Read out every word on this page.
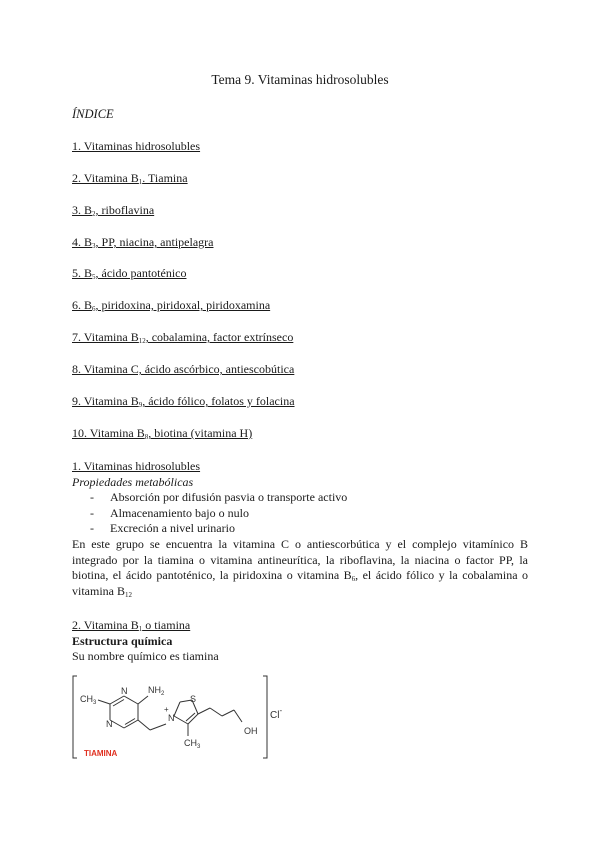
Tema 9. Vitaminas hidrosolubles
ÍNDICE
1. Vitaminas hidrosolubles
2. Vitamina $B_1$. Tiamina
3. $B_2$, riboflavina
4. $B_3$, PP, niacina, antipelagra
5. $B_5$, ácido pantoténico
6. $B_6$, piridoxina, piridoxal, piridoxamina
7. Vitamina $B_{12}$, cobalamina, factor extrínseco
8. Vitamina C, ácido ascórbico, antiescobútica
9. Vitamina $B_9$, ácido fólico, folatos y folacina
10. Vitamina $B_8$, biotina (vitamina H)
1. Vitaminas hidrosolubles
Propiedades metabólicas
- Absorción por difusión pasvia o transporte activo
- Almacenamiento bajo o nulo
- Excreción a nivel urinario
En este grupo se encuentra la vitamina C o antiescorbútica y el complejo vitamínico B integrado por la tiamina o vitamina antineurítica, la riboflavina, la niacina o factor PP, la biotina, el ácido pantoténico, la piridoxina o vitamina $B_6$, el ácido fólico y la cobalamina o vitamina $B_{12}$
2. Vitamina $B_1$ o tiamina
Estructura química
Su nombre químico es tiamina
$CH_3$
$NH_2$
N
N
N
+
S
OH
$CH_3$
Cl-
TIAMINA
